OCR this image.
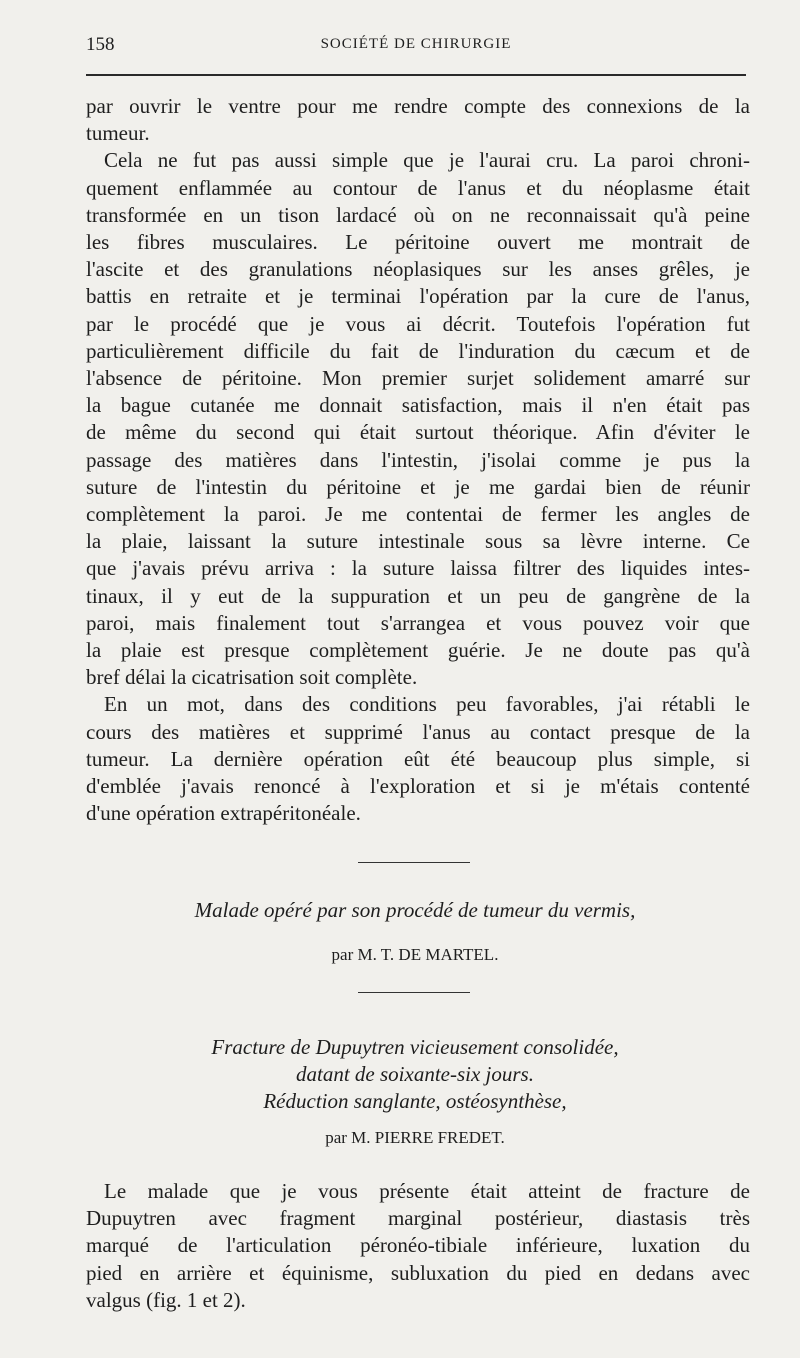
158	SOCIÉTÉ DE CHIRURGIE

par ouvrir le ventre pour me rendre compte des connexions de la

tumeur.

Cela ne fut pas aussi simple que je l'aurai cru. La paroi chroni-

quement enflammée au contour de l'anus et du néoplasme était

transformée en un tison lardacé où on ne reconnaissait qu'à peine

les fibres musculaires. Le péritoine ouvert me montrait de

l'ascite et des granulations néoplasiques sur les anses grêles, je

battis en retraite et je terminai l'opération par la cure de l'anus,

par le procédé que je vous ai décrit. Toutefois l'opération fut

particulièrement difficile du fait de l'induration du cæcum et de

l'absence de péritoine. Mon premier surjet solidement amarré sur

la bague cutanée me donnait satisfaction, mais il n'en était pas

de même du second qui était surtout théorique. Afin d'éviter le

passage des matières dans l'intestin, j'isolai comme je pus la

suture de l'intestin du péritoine et je me gardai bien de réunir

complètement la paroi. Je me contentai de fermer les angles de

la plaie, laissant la suture intestinale sous sa lèvre interne. Ce

que j'avais prévu arriva : la suture laissa filtrer des liquides intes-

tinaux, il y eut de la suppuration et un peu de gangrène de la

paroi, mais finalement tout s'arrangea et vous pouvez voir que

la plaie est presque complètement guérie. Je ne doute pas qu'à

bref délai la cicatrisation soit complète.

En un mot, dans des conditions peu favorables, j'ai rétabli le

cours des matières et supprimé l'anus au contact presque de la

tumeur. La dernière opération eût été beaucoup plus simple, si

d'emblée j'avais renoncé à l'exploration et si je m'étais contenté

d'une opération extrapéritonéale.

Malade opéré par son procédé de tumeur du vermis,
par M. T. DE MARTEL.
Fracture de Dupuytren vicieusement consolidée,
datant de soixante-six jours.
Réduction sanglante, ostéosynthèse,
par M. PIERRE FREDET.

Le malade que je vous présente était atteint de fracture de

Dupuytren avec fragment marginal postérieur, diastasis très

marqué de l'articulation péronéo-tibiale inférieure, luxation du

pied en arrière et équinisme, subluxation du pied en dedans avec

valgus (fig. 1 et 2).
